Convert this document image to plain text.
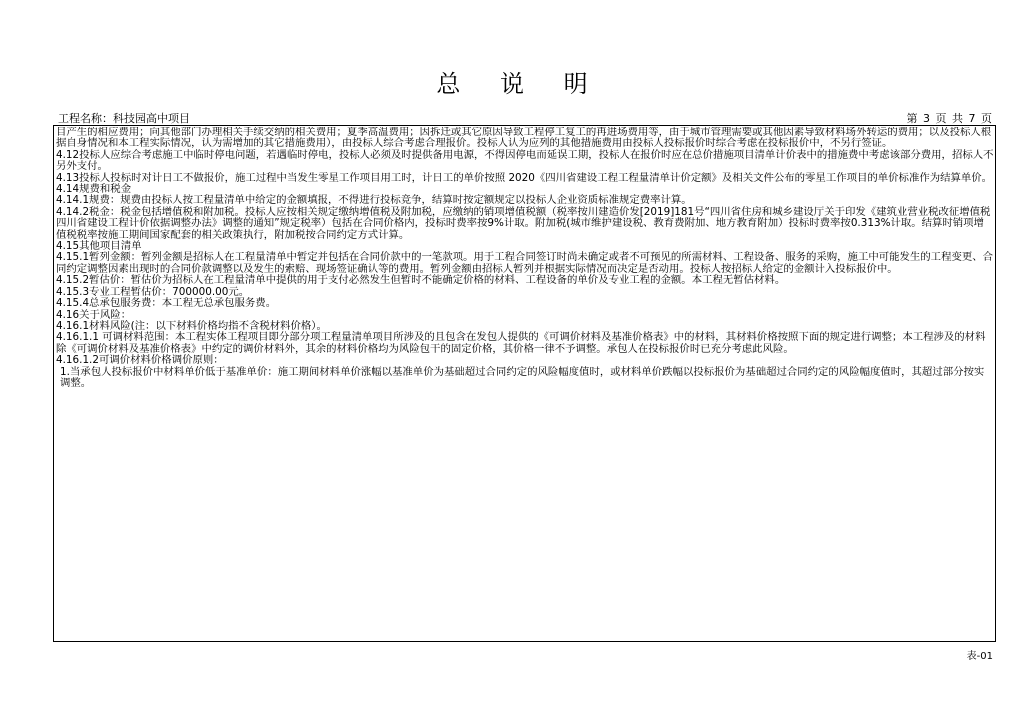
总 说 明
工程名称：科技园高中项目	第 3 页 共 7 页

目产生的相应费用；向其他部门办理相关手续交纳的相关费用；夏季高温费用；因拆迁或其它原因导致工程停工复工的再进场费用等，由于城市管理需要或其他因素导致材料场外转运的费用；以及投标人根据自身情况和本工程实际情况，认为需增加的其它措施费用），由投标人综合考虑合理报价。投标人认为应列的其他措施费用由投标人投标报价时综合考虑在投标报价中，不另行签证。

4.12投标人应综合考虑施工中临时停电问题，若遇临时停电，投标人必须及时提供备用电源，不得因停电而延误工期，投标人在报价时应在总价措施项目清单计价表中的措施费中考虑该部分费用，招标人不另外支付。

4.13投标人投标时对计日工不做报价，施工过程中当发生零星工作项目用工时，计日工的单价按照 2020《四川省建设工程工程量清单计价定额》及相关文件公布的零星工作项目的单价标准作为结算单价。

4.14规费和税金

4.14.1规费：规费由投标人按工程量清单中给定的金额填报，不得进行投标竞争，结算时按定额规定以投标人企业资质标准规定费率计算。

4.14.2税金：税金包括增值税和附加税。投标人应按相关规定缴纳增值税及附加税，应缴纳的销项增值税额（税率按川建造价发[2019]181号“四川省住房和城乡建设厅关于印发《建筑业营业税改征增值税四川省建设工程计价依据调整办法》调整的通知”规定税率）包括在合同价格内，投标时费率按9%计取。附加税(城市维护建设税、教育费附加、地方教育附加）投标时费率按0.313%计取。结算时销项增值税税率按施工期间国家配套的相关政策执行，附加税按合同约定方式计算。

4.15其他项目清单

4.15.1暂列金额：暂列金额是招标人在工程量清单中暂定并包括在合同价款中的一笔款项。用于工程合同签订时尚未确定或者不可预见的所需材料、工程设备、服务的采购，施工中可能发生的工程变更、合同约定调整因素出现时的合同价款调整以及发生的索赔、现场签证确认等的费用。暂列金额由招标人暂列并根据实际情况而决定是否动用。投标人按招标人给定的金额计入投标报价中。

4.15.2暂估价：暂估价为招标人在工程量清单中提供的用于支付必然发生但暂时不能确定价格的材料、工程设备的单价及专业工程的金额。本工程无暂估材料。

4.15.3专业工程暂估价：700000.00元。

4.15.4总承包服务费：本工程无总承包服务费。

4.16关于风险：

4.16.1材料风险(注：以下材料价格均指不含税材料价格）。

4.16.1.1 可调材料范围：本工程实体工程项目即分部分项工程量清单项目所涉及的且包含在发包人提供的《可调价材料及基准价格表》中的材料，其材料价格按照下面的规定进行调整；本工程涉及的材料除《可调价材料及基准价格表》中约定的调价材料外，其余的材料价格均为风险包干的固定价格，其价格一律不予调整。承包人在投标报价时已充分考虑此风险。

4.16.1.2可调价材料价格调价原则：

1.当承包人投标报价中材料单价低于基准单价：施工期间材料单价涨幅以基准单价为基础超过合同约定的风险幅度值时，或材料单价跌幅以投标报价为基础超过合同约定的风险幅度值时，其超过部分按实调整。

表-01
